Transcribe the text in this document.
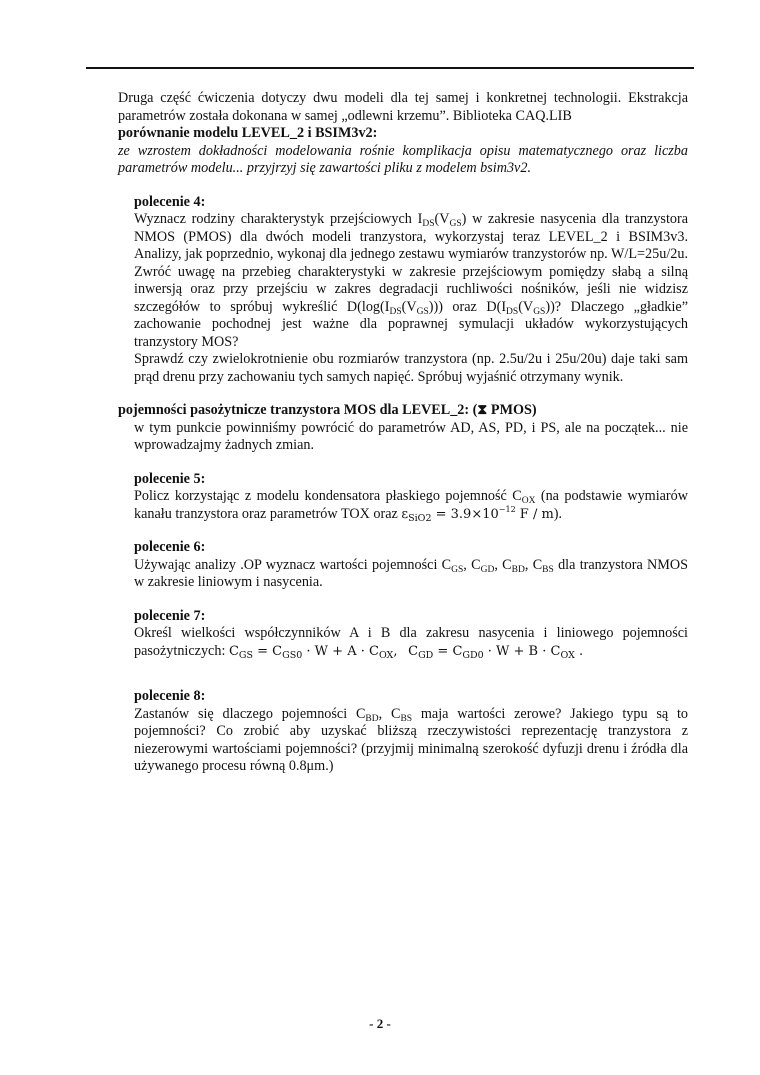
Druga część ćwiczenia dotyczy dwu modeli dla tej samej i konkretnej technologii. Ekstrakcja parametrów została dokonana w samej „odlewni krzemu”. Biblioteka CAQ.LIB
porównanie modelu LEVEL_2 i BSIM3v2:
ze wzrostem dokładności modelowania rośnie komplikacja opisu matematycznego oraz liczba parametrów modelu... przyjrzyj się zawartości pliku z modelem bsim3v2.
polecenie 4:
Wyznacz rodziny charakterystyk przejściowych $I_{DS}(V_{GS})$ w zakresie nasycenia dla tranzystora NMOS (PMOS) dla dwóch modeli tranzystora, wykorzystaj teraz LEVEL_2 i BSIM3v3. Analizy, jak poprzednio, wykonaj dla jednego zestawu wymiarów tranzystorów np. W/L=25u/2u. Zwróć uwagę na przebieg charakterystyki w zakresie przejściowym pomiędzy słabą a silną inwersją oraz przy przejściu w zakres degradacji ruchliwości nośników, jeśli nie widzisz szczegółów to spróbuj wykreślić $D(\log(I_{DS}(V_{GS})))$ oraz $D(I_{DS}(V_{GS}))$? Dlaczego „gładkie” zachowanie pochodnej jest ważne dla poprawnej symulacji układów wykorzystujących tranzystory MOS?
Sprawdź czy zwielokrotnienie obu rozmiarów tranzystora (np. 2.5u/2u i 25u/20u) daje taki sam prąd drenu przy zachowaniu tych samych napięć. Spróbuj wyjaśnić otrzymany wynik.
pojemności pasożytnicze tranzystora MOS dla LEVEL_2: (⧗ PMOS)
w tym punkcie powinniśmy powrócić do parametrów AD, AS, PD, i PS, ale na początek... nie wprowadzajmy żadnych zmian.
polecenie 5:
Policz korzystając z modelu kondensatora płaskiego pojemność $C_{OX}$ (na podstawie wymiarów kanału tranzystora oraz parametrów TOX oraz $\varepsilon_{SiO2} = 3.9\times 10^{-12}$ F / m).
polecenie 6:
Używając analizy .OP wyznacz wartości pojemności $C_{GS}$, $C_{GD}$, $C_{BD}$, $C_{BS}$ dla tranzystora NMOS w zakresie liniowym i nasycenia.
polecenie 7:
Określ wielkości współczynników A i B dla zakresu nasycenia i liniowego pojemności pasożytniczych: $C_{GS} = C_{GS0} \cdot W + A \cdot C_{OX}$, $C_{GD} = C_{GD0} \cdot W + B \cdot C_{OX}$ .
polecenie 8:
Zastanów się dlaczego pojemności $C_{BD}$, $C_{BS}$ maja wartości zerowe? Jakiego typu są to pojemności? Co zrobić aby uzyskać bliższą rzeczywistości reprezentację tranzystora z niezerowymi wartościami pojemności? (przyjmij minimalną szerokość dyfuzji drenu i źródła dla używanego procesu równą 0.8μm.)
- 2 -
